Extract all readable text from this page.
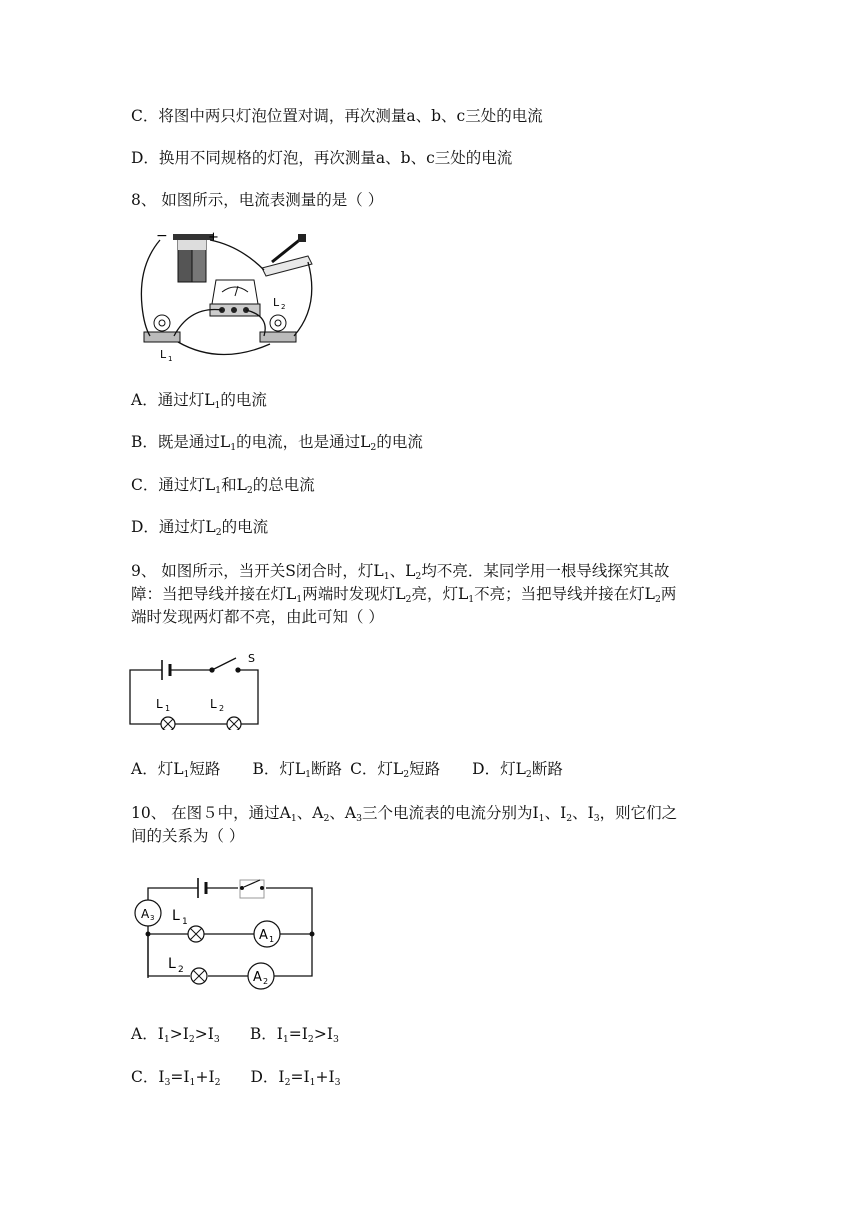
C．将图中两只灯泡位置对调，再次测量a、b、c三处的电流
D．换用不同规格的灯泡，再次测量a、b、c三处的电流
8、 如图所示，电流表测量的是（ ）
−	+
L 1
L 2
A．通过灯L1的电流
B．既是通过L1的电流，也是通过L2的电流
C．通过灯L1和L2的总电流
D．通过灯L2的电流
9、 如图所示，当开关S闭合时，灯L1、L2均不亮．某同学用一根导线探究其故
障：当把导线并接在灯L1两端时发现灯L2亮，灯L1不亮；当把导线并接在灯L2两
端时发现两灯都不亮，由此可知（ ）
S
L 1	L 2
A．灯L1短路 B．灯L1断路 C．灯L2短路 D．灯L2断路
10、 在图５中，通过A1、A2、A3三个电流表的电流分别为I1、I2、I3，则它们之
间的关系为（ ）
A 3 L 1
A 1
L 2	A 2
A．I1>I2>I3 B．I1=I2>I3
C．I3=I1+I2 D．I2=I1+I3
